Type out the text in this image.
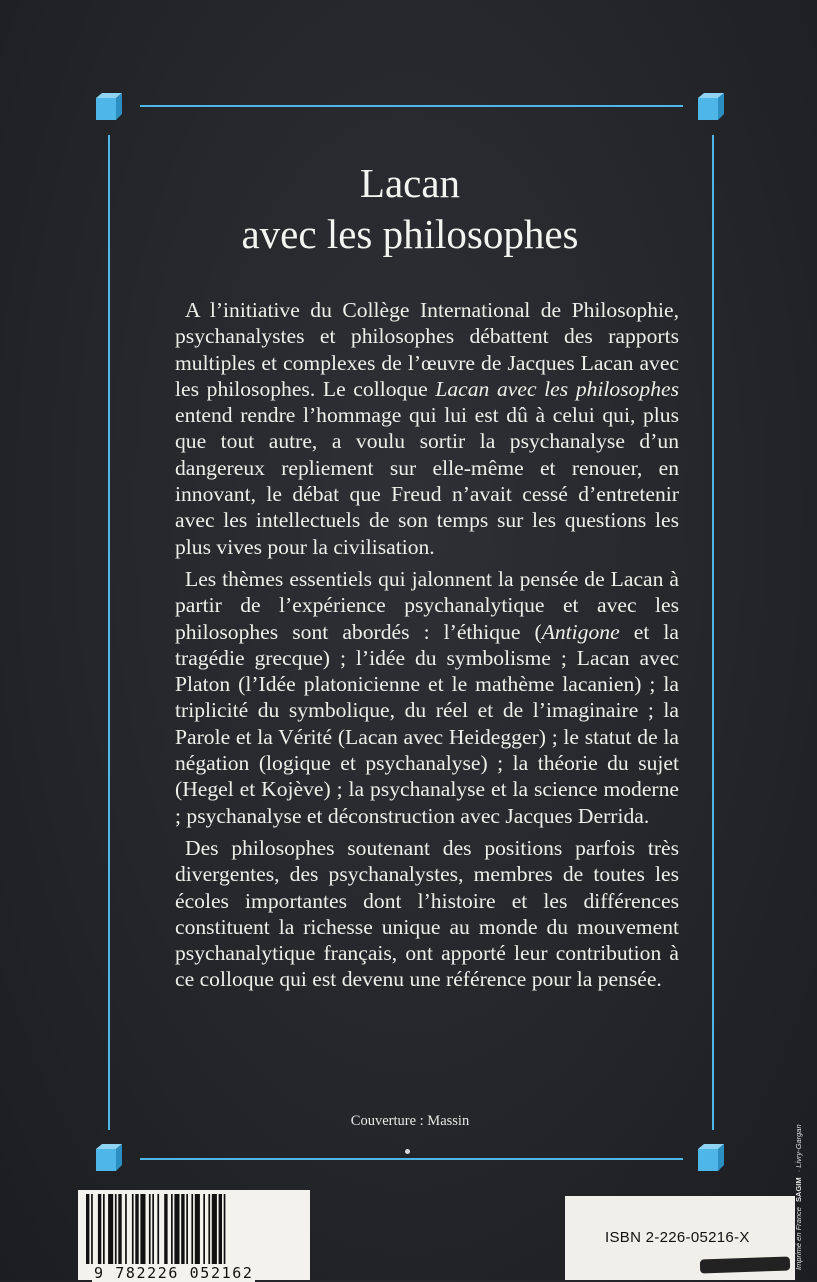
Lacan
avec les philosophes

A l’initiative du Collège International de Philosophie, psychanalystes et philosophes débattent des rapports multiples et complexes de l’œuvre de Jacques Lacan avec les philosophes. Le colloque Lacan avec les philosophes entend rendre l’hommage qui lui est dû à celui qui, plus que tout autre, a voulu sortir la psychanalyse d’un dangereux repliement sur elle-même et renouer, en innovant, le débat que Freud n’avait cessé d’entretenir avec les intellectuels de son temps sur les questions les plus vives pour la civilisation.

Les thèmes essentiels qui jalonnent la pensée de Lacan à partir de l’expérience psychanalytique et avec les philosophes sont abordés : l’éthique (Antigone et la tragédie grecque) ; l’idée du symbolisme ; Lacan avec Platon (l’Idée platonicienne et le mathème lacanien) ; la triplicité du symbolique, du réel et de l’imaginaire ; la Parole et la Vérité (Lacan avec Heidegger) ; le statut de la négation (logique et psychanalyse) ; la théorie du sujet (Hegel et Kojève) ; la psychanalyse et la science moderne ; psychanalyse et déconstruction avec Jacques Derrida.

Des philosophes soutenant des positions parfois très divergentes, des psychanalystes, membres de toutes les écoles importantes dont l’histoire et les différences constituent la richesse unique au monde du mouvement psychanalytique français, ont apporté leur contribution à ce colloque qui est devenu une référence pour la pensée.

Couverture : Massin
9 782226 052162
ISBN 2-226-05216-X	Imprimé en France SAGIM · Livry-Gargan
